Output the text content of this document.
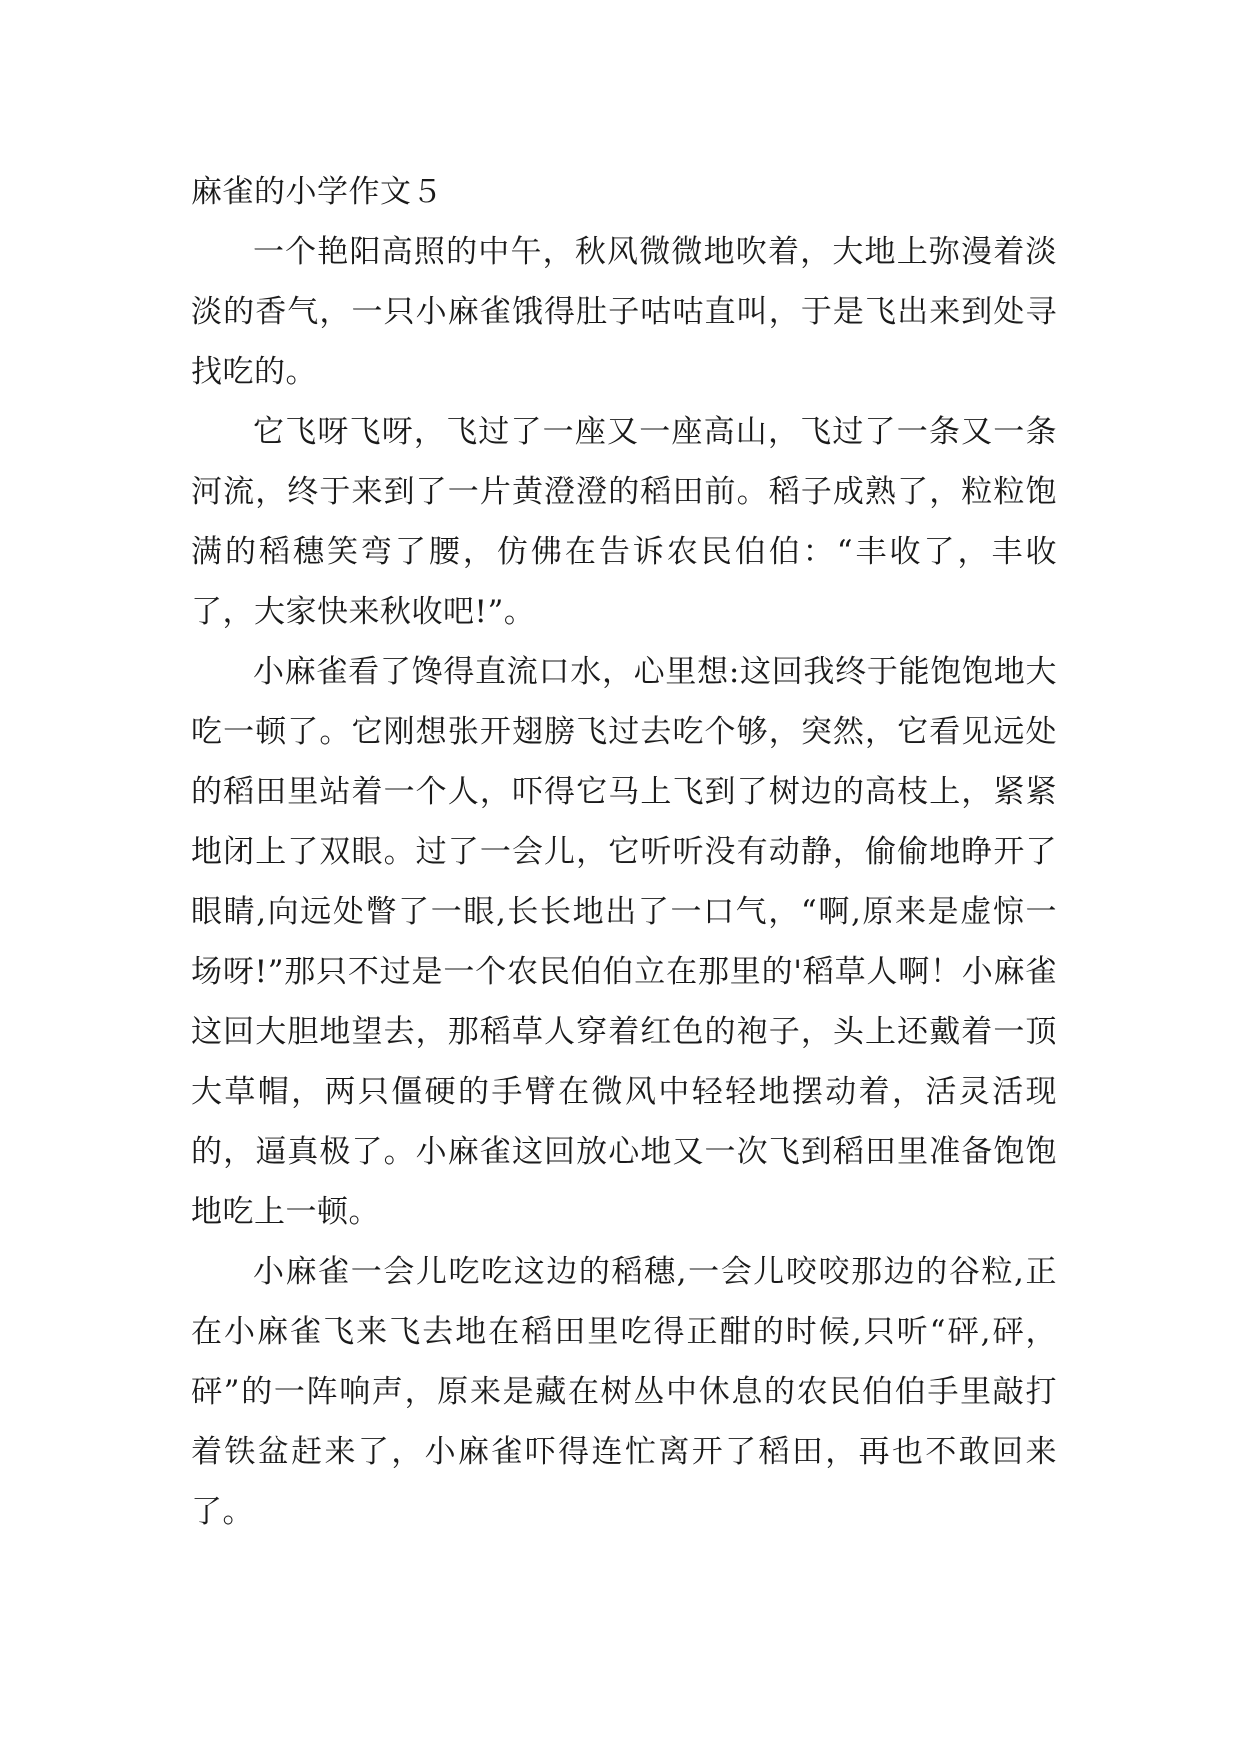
麻雀的小学作文５

一个艳阳高照的中午，秋风微微地吹着，大地上弥漫着淡淡的香气，一只小麻雀饿得肚子咕咕直叫，于是飞出来到处寻找吃的。

它飞呀飞呀，飞过了一座又一座高山，飞过了一条又一条河流，终于来到了一片黄澄澄的稻田前。稻子成熟了，粒粒饱满的稻穗笑弯了腰，仿佛在告诉农民伯伯：“丰收了，丰收了，大家快来秋收吧!”。

小麻雀看了馋得直流口水，心里想:这回我终于能饱饱地大吃一顿了。它刚想张开翅膀飞过去吃个够，突然，它看见远处的稻田里站着一个人，吓得它马上飞到了树边的高枝上，紧紧地闭上了双眼。过了一会儿，它听听没有动静，偷偷地睁开了眼睛,向远处瞥了一眼,长长地出了一口气，“啊,原来是虚惊一场呀!”那只不过是一个农民伯伯立在那里的'稻草人啊！小麻雀这回大胆地望去，那稻草人穿着红色的袍子，头上还戴着一顶大草帽，两只僵硬的手臂在微风中轻轻地摆动着，活灵活现的，逼真极了。小麻雀这回放心地又一次飞到稻田里准备饱饱地吃上一顿。

小麻雀一会儿吃吃这边的稻穗,一会儿咬咬那边的谷粒,正在小麻雀飞来飞去地在稻田里吃得正酣的时候,只听“砰,砰，砰”的一阵响声，原来是藏在树丛中休息的农民伯伯手里敲打着铁盆赶来了，小麻雀吓得连忙离开了稻田，再也不敢回来了。
